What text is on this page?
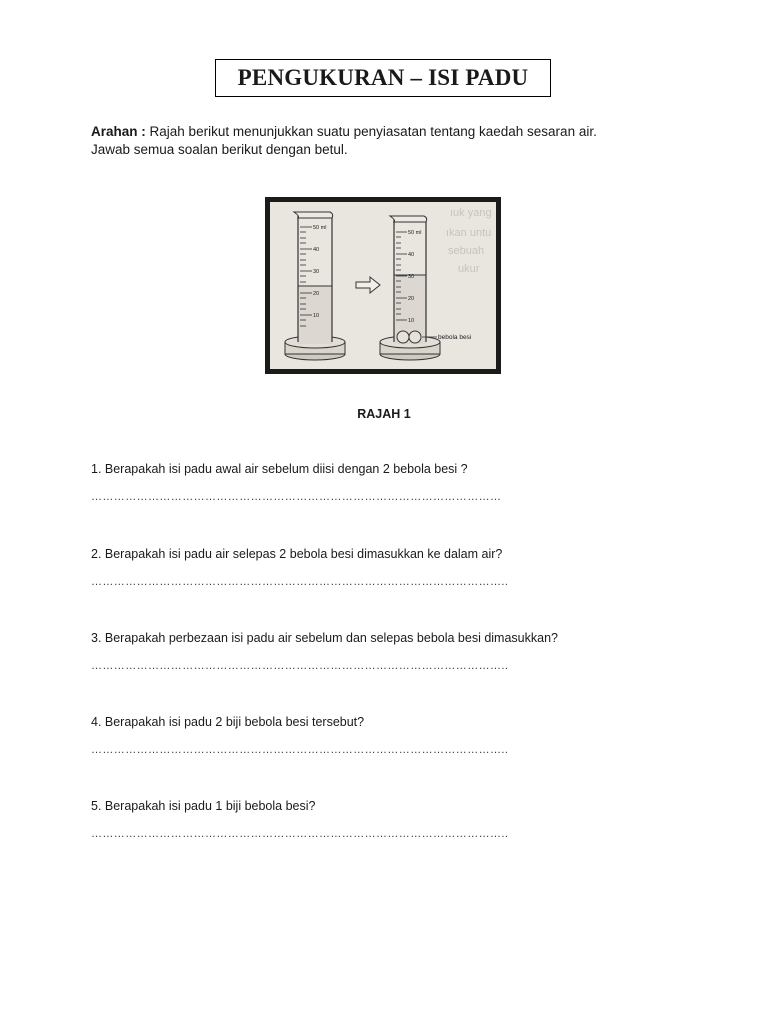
PENGUKURAN – ISI PADU
Arahan : Rajah berikut menunjukkan suatu penyiasatan tentang kaedah sesaran air.
Jawab semua soalan berikut dengan betul.
ıuk yang
ıkan untu
sebuah
ukur
50 ml
40
30
20
10
50 ml
40
30
20
10
bebola besi
RAJAH 1
1. Berapakah isi padu awal air sebelum diisi dengan 2 bebola besi ?
………………………………………………………………………………………………
2. Berapakah isi padu air selepas 2 bebola besi dimasukkan ke dalam air?
………………………………………………………………………………………………..
3. Berapakah perbezaan isi padu air sebelum dan selepas bebola besi dimasukkan?
………………………………………………………………………………………………..
4. Berapakah isi padu 2 biji bebola besi tersebut?
………………………………………………………………………………………………..
5. Berapakah isi padu 1 biji bebola besi?
………………………………………………………………………………………………..
